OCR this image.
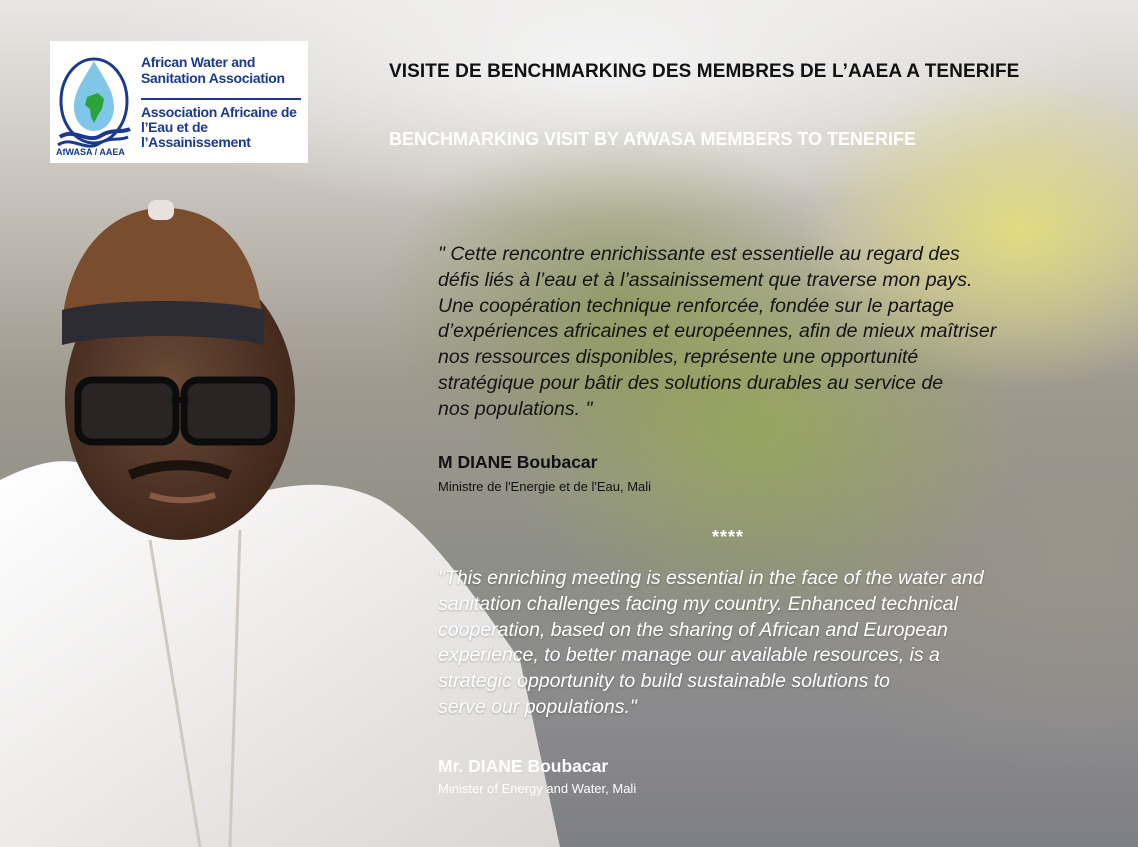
AfWASA / AAEA
African Water and
Sanitation Association
Association Africaine de
l’Eau et de l’Assainissement
VISITE DE BENCHMARKING DES MEMBRES DE L’AAEA A TENERIFE
BENCHMARKING VISIT BY AfWASA MEMBERS TO TENERIFE
" Cette rencontre enrichissante est essentielle au regard des
défis liés à l’eau et à l’assainissement que traverse mon pays.
Une coopération technique renforcée, fondée sur le partage
d’expériences africaines et européennes, afin de mieux maîtriser
nos ressources disponibles, représente une opportunité
stratégique pour bâtir des solutions durables au service de
nos populations. "
M DIANE Boubacar
Ministre de l'Energie et de l'Eau, Mali
****
"This enriching meeting is essential in the face of the water and
sanitation challenges facing my country. Enhanced technical
cooperation, based on the sharing of African and European
experience, to better manage our available resources, is a
strategic opportunity to build sustainable solutions to
serve our populations."
Mr. DIANE Boubacar
Minister of Energy and Water, Mali
